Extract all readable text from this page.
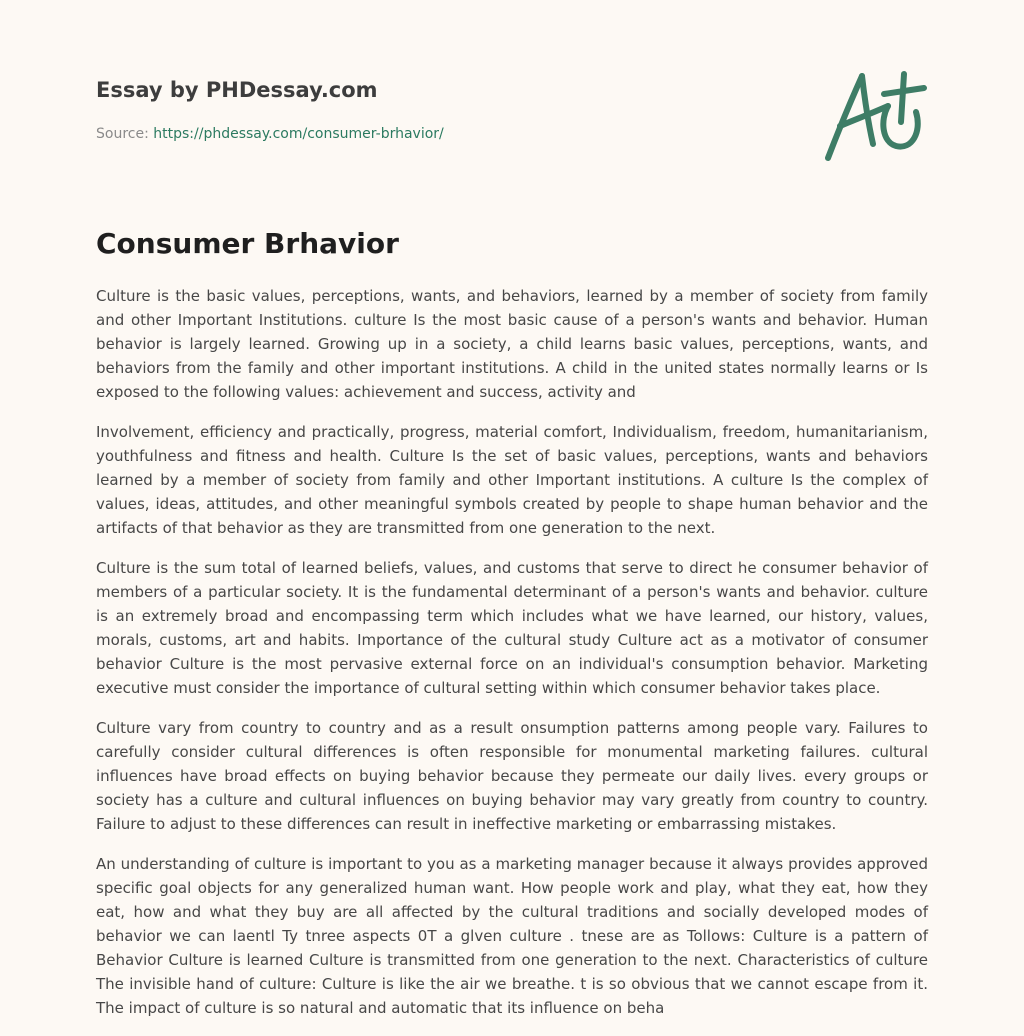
Essay by PHDessay.com
Source: https://phdessay.com/consumer-brhavior/
Consumer Brhavior

Culture is the basic values, perceptions, wants, and behaviors, learned by a member of society from family and other Important Institutions. culture Is the most basic cause of a person's wants and behavior. Human behavior is largely learned. Growing up in a society, a child learns basic values, perceptions, wants, and behaviors from the family and other important institutions. A child in the united states normally learns or Is exposed to the following values: achievement and success, activity and

Involvement, efficiency and practically, progress, material comfort, Individualism, freedom, humanitarianism, youthfulness and fitness and health. Culture Is the set of basic values, perceptions, wants and behaviors learned by a member of society from family and other Important institutions. A culture Is the complex of values, ideas, attitudes, and other meaningful symbols created by people to shape human behavior and the artifacts of that behavior as they are transmitted from one generation to the next.

Culture is the sum total of learned beliefs, values, and customs that serve to direct he consumer behavior of members of a particular society. It is the fundamental determinant of a person's wants and behavior. culture is an extremely broad and encompassing term which includes what we have learned, our history, values, morals, customs, art and habits. Importance of the cultural study Culture act as a motivator of consumer behavior Culture is the most pervasive external force on an individual's consumption behavior. Marketing executive must consider the importance of cultural setting within which consumer behavior takes place.

Culture vary from country to country and as a result onsumption patterns among people vary. Failures to carefully consider cultural differences is often responsible for monumental marketing failures. cultural influences have broad effects on buying behavior because they permeate our daily lives. every groups or society has a culture and cultural influences on buying behavior may vary greatly from country to country. Failure to adjust to these differences can result in ineffective marketing or embarrassing mistakes.

An understanding of culture is important to you as a marketing manager because it always provides approved specific goal objects for any generalized human want. How people work and play, what they eat, how they eat, how and what they buy are all affected by the cultural traditions and socially developed modes of behavior we can laentl Ty tnree aspects 0T a glven culture . tnese are as Tollows: Culture is a pattern of Behavior Culture is learned Culture is transmitted from one generation to the next. Characteristics of culture The invisible hand of culture: Culture is like the air we breathe. t is so obvious that we cannot escape from it. The impact of culture is so natural and automatic that its influence on beha
